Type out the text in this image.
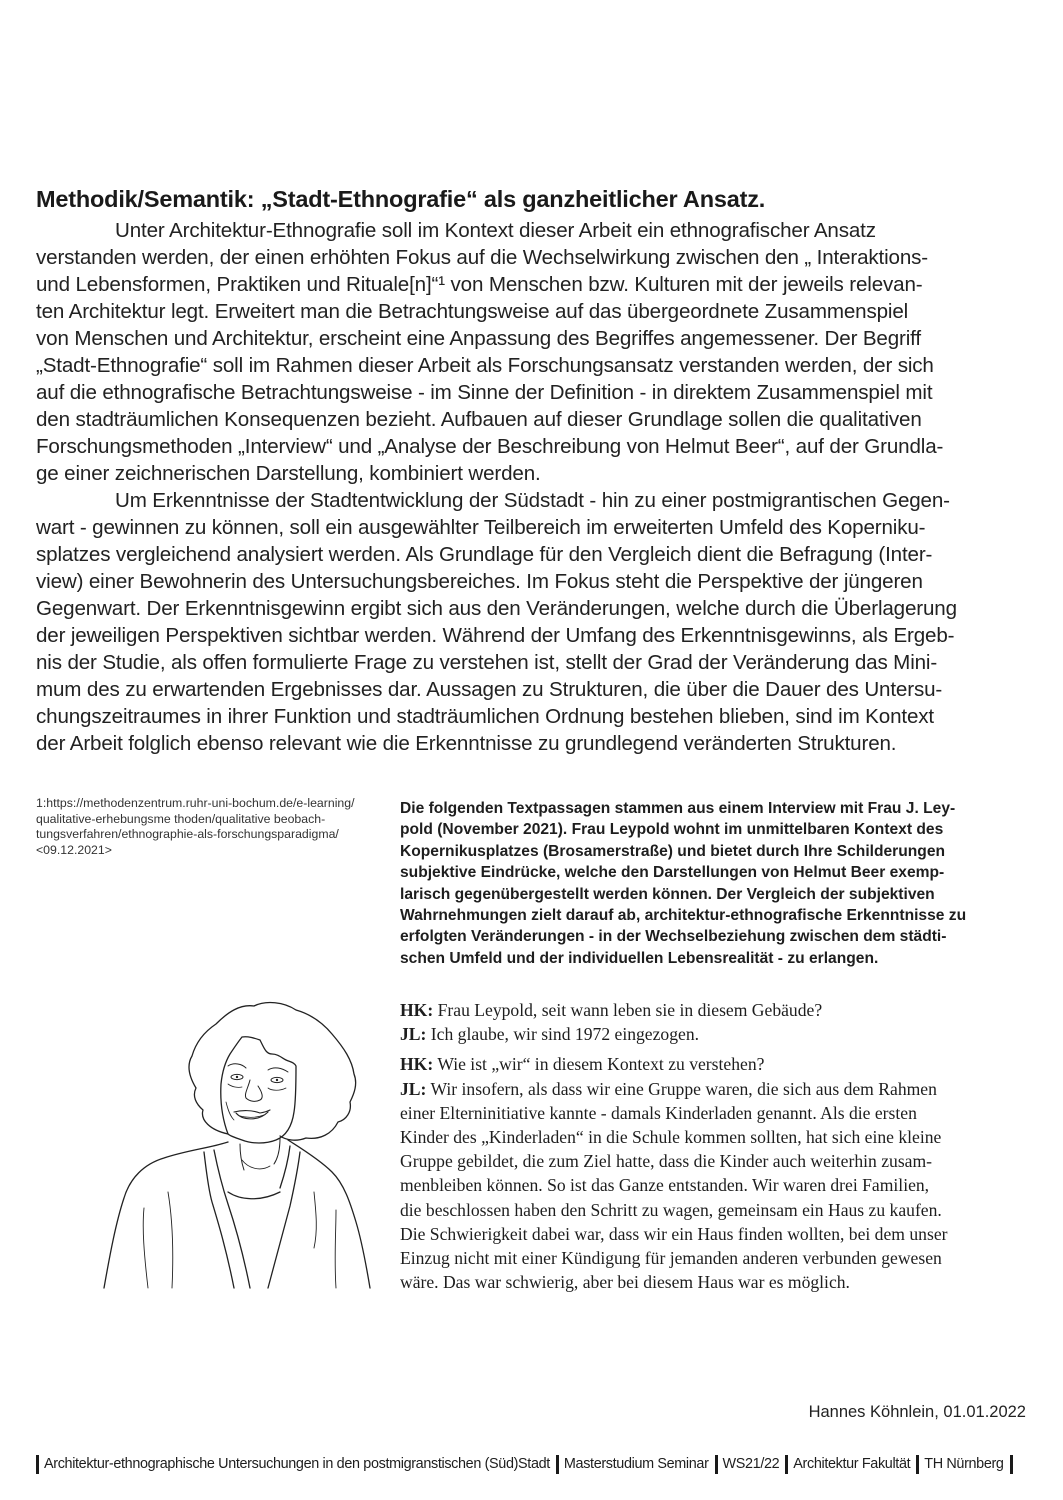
Methodik/Semantik: „Stadt-Ethnografie“ als ganzheitlicher Ansatz.
Unter Architektur-Ethnografie soll im Kontext dieser Arbeit ein ethnografischer Ansatz
verstanden werden, der einen erhöhten Fokus auf die Wechselwirkung zwischen den „ Interaktions-
und Lebensformen, Praktiken und Rituale[n]“¹ von Menschen bzw. Kulturen mit der jeweils relevan-
ten Architektur legt. Erweitert man die Betrachtungsweise auf das übergeordnete Zusammenspiel
von Menschen und Architektur, erscheint eine Anpassung des Begriffes angemessener. Der Begriff
„Stadt-Ethnografie“ soll im Rahmen dieser Arbeit als Forschungsansatz verstanden werden, der sich
auf die ethnografische Betrachtungsweise - im Sinne der Definition - in direktem Zusammenspiel mit
den stadträumlichen Konsequenzen bezieht. Aufbauen auf dieser Grundlage sollen die qualitativen
Forschungsmethoden „Interview“ und „Analyse der Beschreibung von Helmut Beer“, auf der Grundla-
ge einer zeichnerischen Darstellung, kombiniert werden.
Um Erkenntnisse der Stadtentwicklung der Südstadt - hin zu einer postmigrantischen Gegen-
wart - gewinnen zu können, soll ein ausgewählter Teilbereich im erweiterten Umfeld des Koperniku-
splatzes vergleichend analysiert werden. Als Grundlage für den Vergleich dient die Befragung (Inter-
view) einer Bewohnerin des Untersuchungsbereiches. Im Fokus steht die Perspektive der jüngeren
Gegenwart. Der Erkenntnisgewinn ergibt sich aus den Veränderungen, welche durch die Überlagerung
der jeweiligen Perspektiven sichtbar werden. Während der Umfang des Erkenntnisgewinns, als Ergeb-
nis der Studie, als offen formulierte Frage zu verstehen ist, stellt der Grad der Veränderung das Mini-
mum des zu erwartenden Ergebnisses dar. Aussagen zu Strukturen, die über die Dauer des Untersu-
chungszeitraumes in ihrer Funktion und stadträumlichen Ordnung bestehen blieben, sind im Kontext
der Arbeit folglich ebenso relevant wie die Erkenntnisse zu grundlegend veränderten Strukturen.
1:https://methodenzentrum.ruhr-uni-bochum.de/e-learning/
qualitative-erhebungsme thoden/qualitative beobach-
tungsverfahren/ethnographie-als-forschungsparadigma/
<09.12.2021>
Die folgenden Textpassagen stammen aus einem Interview mit Frau J. Ley-
pold (November 2021). Frau Leypold wohnt im unmittelbaren Kontext des
Kopernikusplatzes (Brosamerstraße) und bietet durch Ihre Schilderungen
subjektive Eindrücke, welche den Darstellungen von Helmut Beer exemp-
larisch gegenübergestellt werden können. Der Vergleich der subjektiven
Wahrnehmungen zielt darauf ab, architektur-ethnografische Erkenntnisse zu
erfolgten Veränderungen - in der Wechselbeziehung zwischen dem städti-
schen Umfeld und der individuellen Lebensrealität - zu erlangen.
HK: Frau Leypold, seit wann leben sie in diesem Gebäude?
JL: Ich glaube, wir sind 1972 eingezogen.
HK: Wie ist „wir“ in diesem Kontext zu verstehen?
JL: Wir insofern, als dass wir eine Gruppe waren, die sich aus dem Rahmen
einer Elterninitiative kannte - damals Kinderladen genannt. Als die ersten
Kinder des „Kinderladen“ in die Schule kommen sollten, hat sich eine kleine
Gruppe gebildet, die zum Ziel hatte, dass die Kinder auch weiterhin zusam-
menbleiben können. So ist das Ganze entstanden. Wir waren drei Familien,
die beschlossen haben den Schritt zu wagen, gemeinsam ein Haus zu kaufen.
Die Schwierigkeit dabei war, dass wir ein Haus finden wollten, bei dem unser
Einzug nicht mit einer Kündigung für jemanden anderen verbunden gewesen
wäre. Das war schwierig, aber bei diesem Haus war es möglich.
Hannes Köhnlein, 01.01.2022
Architektur-ethnographische Untersuchungen in den postmigranstischen (Süd)Stadt Masterstudium Seminar WS21/22 Architektur Fakultät TH Nürnberg
